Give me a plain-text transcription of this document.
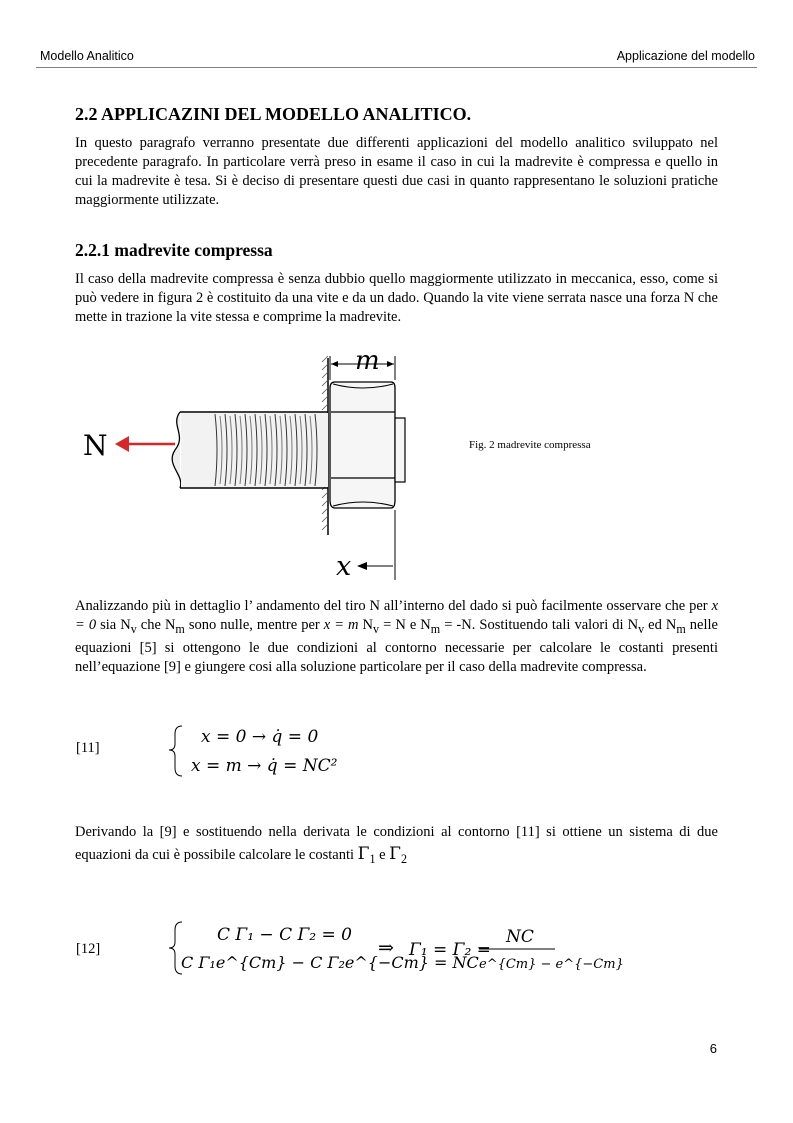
Modello Analitico	Applicazione del modello
2.2 APPLICAZINI DEL MODELLO ANALITICO.
In questo paragrafo verranno presentate due differenti applicazioni del modello analitico sviluppato nel precedente paragrafo. In particolare verrà preso in esame il caso in cui la madrevite è compressa e quello in cui la madrevite è tesa. Si è deciso di presentare questi due casi in quanto rappresentano le soluzioni pratiche maggiormente utilizzate.
2.2.1 madrevite compressa
Il caso della madrevite compressa è senza dubbio quello maggiormente utilizzato in meccanica, esso, come si può vedere in figura 2 è costituito da una vite e da un dado. Quando la vite viene serrata nasce una forza N che mette in trazione la vite stessa e comprime la madrevite.
m
N
x
Fig. 2 madrevite compressa
Analizzando più in dettaglio l’ andamento del tiro N all’interno del dado si può facilmente osservare che per x = 0 sia $N_v$ che $N_m$ sono nulle, mentre per x = m $N_v = N$ e $N_m = -N$. Sostituendo tali valori di $N_v$ ed $N_m$ nelle equazioni [5] si ottengono le due condizioni al contorno necessarie per calcolare le costanti presenti nell’equazione [9] e giungere cosi alla soluzione particolare per il caso della madrevite compressa.
[11]
x = 0 → q̇ = 0
x = m → q̇ = NC²
Derivando la [9] e sostituendo nella derivata le condizioni al contorno [11] si ottiene un sistema di due equazioni da cui è possibile calcolare le costanti $\Gamma_1$ e $\Gamma_2$
[12]
C Γ₁ − C Γ₂ = 0
C Γ₁e^{Cm} − C Γ₂e^{−Cm} = NC
⇒ Γ₁ = Γ₂ =
NC
e^{Cm} − e^{−Cm}
6
